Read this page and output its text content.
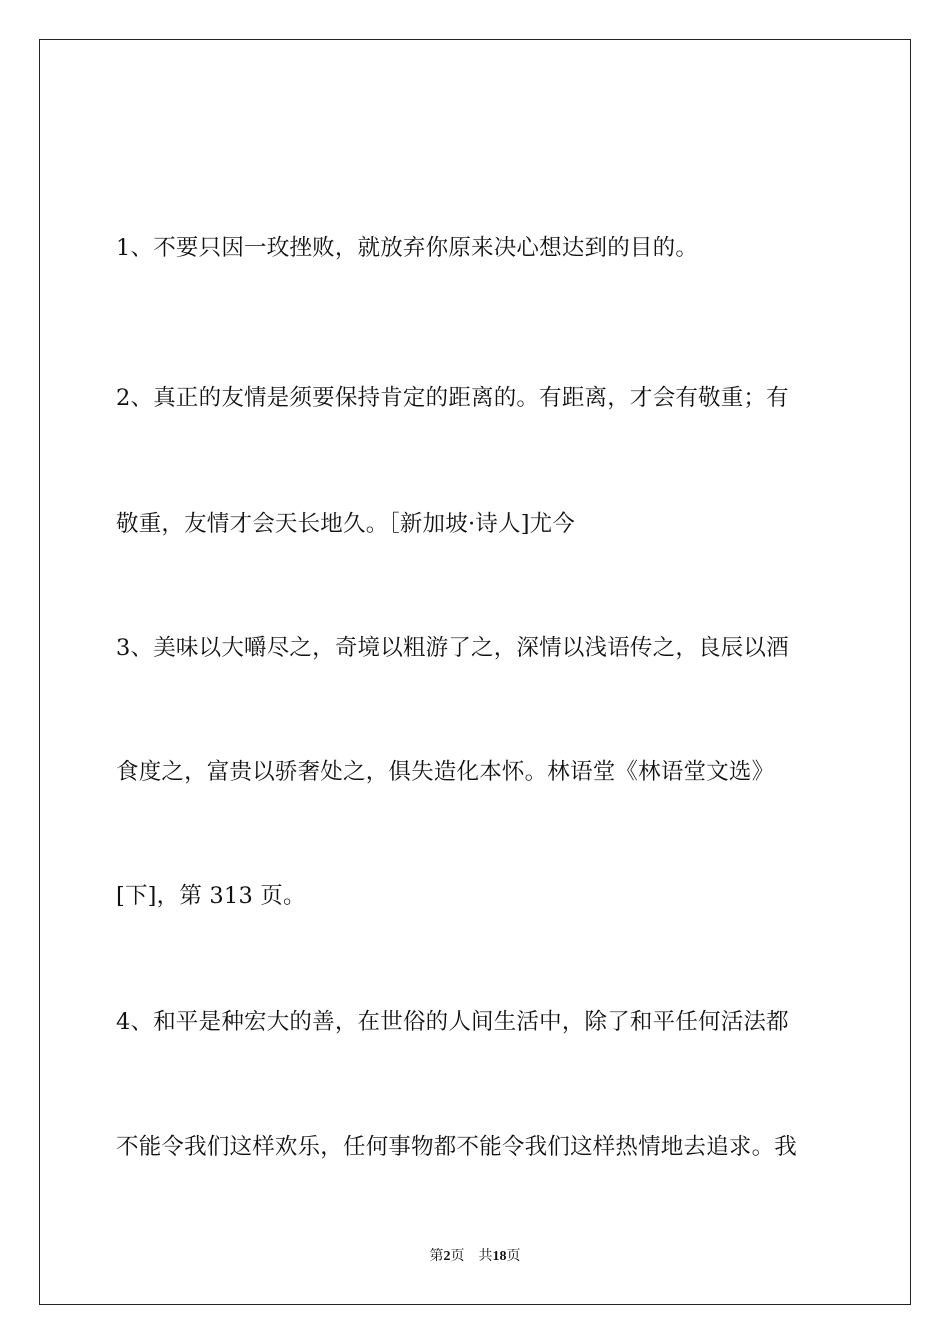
1、不要只因一玫挫败，就放弃你原来决心想达到的目的。
2、真正的友情是须要保持肯定的距离的。有距离，才会有敬重；有
敬重，友情才会天长地久。［新加坡·诗人]尤今
3、美味以大嚼尽之，奇境以粗游了之，深情以浅语传之，良辰以酒
食度之，富贵以骄奢处之，俱失造化本怀。林语堂《林语堂文选》
[下]，第 313 页。
4、和平是种宏大的善，在世俗的人间生活中，除了和平任何活法都
不能令我们这样欢乐，任何事物都不能令我们这样热情地去追求。我
第2页 共18页
